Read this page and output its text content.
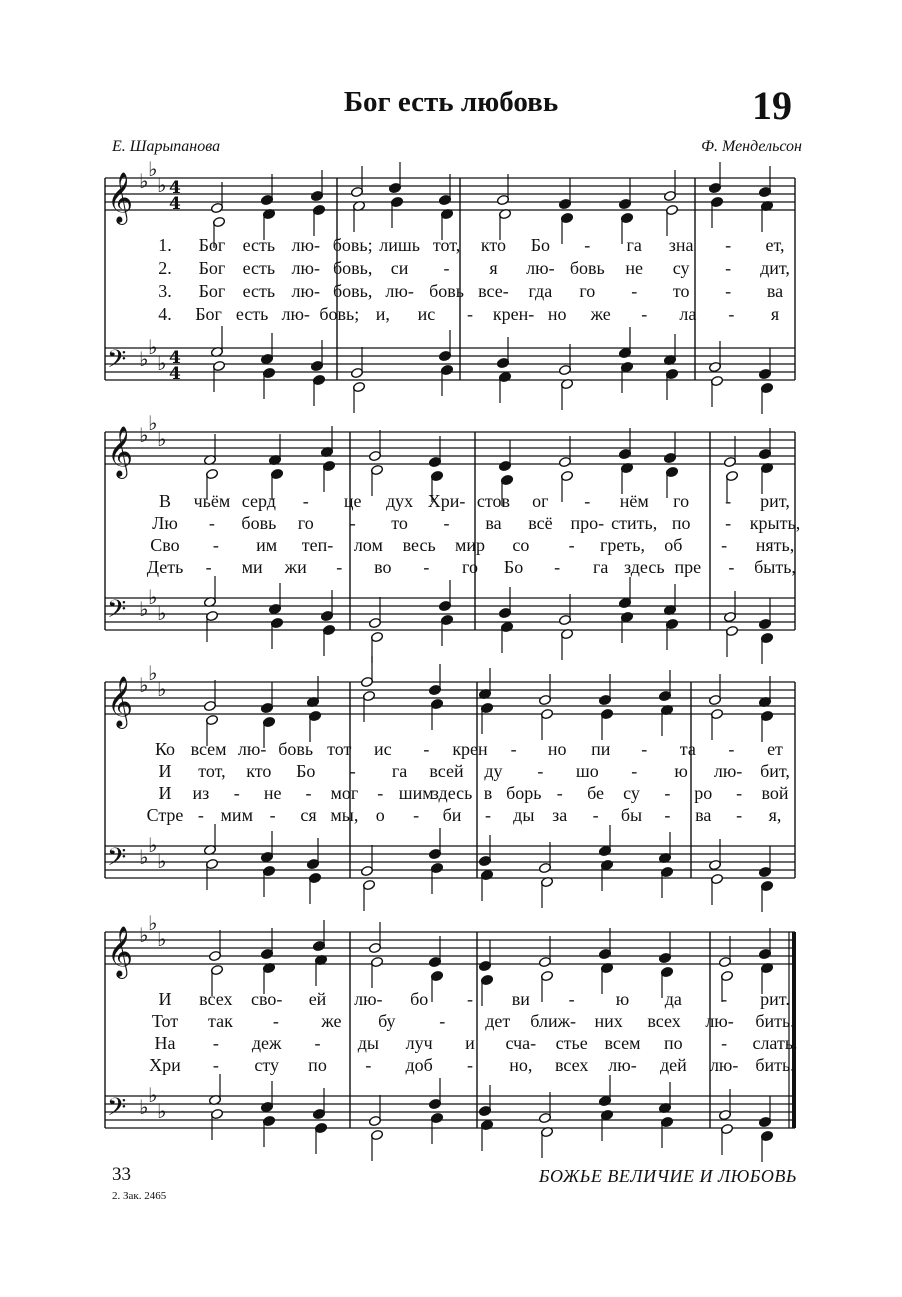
Бог есть любовь	19
Е. Шарыпанова	Ф. Мендельсон
𝄞 ♭ ♭
♭ 4
4
𝄢 ♭ ♭
♭ 4
4
1. Бог есть лю- бовь; лишь тот, кто Бо - га зна - ет,
2. Бог есть лю- бовь, си - я лю- бовь не су - дит,
3. Бог есть лю- бовь, лю- бовь все- гда го - то - ва
4. Бог есть лю- бовь; и, ис - крен- но же - ла - я
𝄞 ♭ ♭
♭
𝄢 ♭ ♭
♭
В чьём серд - це дух Хри- стов ог - нём го - рит,
Лю - бовь го - то - ва всё про- стить, по - крыть,
Сво - им теп- лом весь мир со - греть, об - нять,
Деть - ми жи - во - го Бо - га здесь пре - быть,
𝄞 ♭ ♭
♭
𝄢 ♭ ♭
♭
Ко всем лю- бовь тот ис - крен - но пи - та - ет
И тот, кто Бо - га всей ду - шо - ю лю- бит,
И из - не - мог - шим
здесь в борь - бе су - ро - вой
Стре - мим - ся мы, о - би - ды за - бы - ва - я,
𝄞 ♭ ♭
♭
𝄢 ♭ ♭
♭
И всех сво- ей лю- бо - ви - ю да - рит.
Тот так - же бу - дет ближ- них всех лю- бить.
На - деж - ды луч и сча- стье всем по - слать.
Хри - сту по - доб - но, всех лю- дей лю- бить.
33
2. Зак. 2465
БОЖЬЕ ВЕЛИЧИЕ И ЛЮБОВЬ
